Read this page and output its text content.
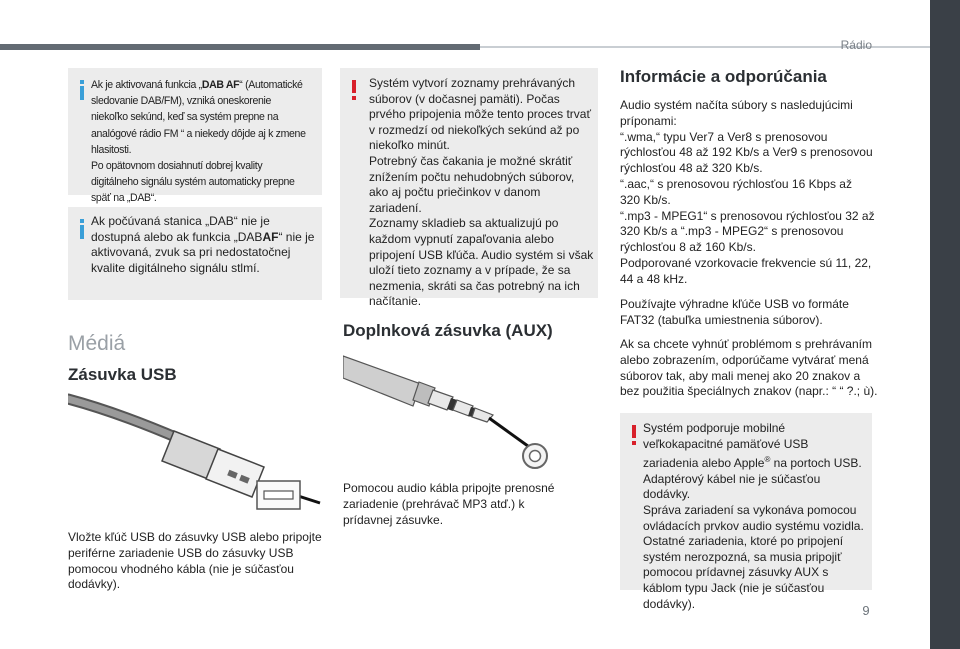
Rádio
9
Ak je aktivovaná funkcia „DAB AF“ (Automatické sledovanie DAB/FM), vzniká oneskorenie niekoľko sekúnd, keď sa systém prepne na analógové rádio FM “ a niekedy dôjde aj k zmene hlasitosti.
Po opätovnom dosiahnutí dobrej kvality digitálneho signálu systém automaticky prepne späť na „DAB“.
Ak počúvaná stanica „DAB“ nie je dostupná alebo ak funkcia „DABAF“ nie je aktivovaná, zvuk sa pri nedostatočnej kvalite digitálneho signálu stlmí.
Médiá
Zásuvka USB
Vložte kľúč USB do zásuvky USB alebo pripojte periférne zariadenie USB do zásuvky USB pomocou vhodného kábla (nie je súčasťou dodávky).
Systém vytvorí zoznamy prehrávaných súborov (v dočasnej pamäti). Počas prvého pripojenia môže tento proces trvať v rozmedzí od niekoľkých sekúnd až po niekoľko minút.
Potrebný čas čakania je možné skrátiť znížením počtu nehudobných súborov, ako aj počtu priečinkov v danom zariadení.
Zoznamy skladieb sa aktualizujú po každom vypnutí zapaľovania alebo pripojení USB kľúča. Audio systém si však uloží tieto zoznamy a v prípade, že sa nezmenia, skráti sa čas potrebný na ich načítanie.
Doplnková zásuvka (AUX)
Pomocou audio kábla pripojte prenosné zariadenie (prehrávač MP3 atď.) k prídavnej zásuvke.
Informácie a odporúčania
Audio systém načíta súbory s nasledujúcimi príponami:
“.wma,“ typu Ver7 a Ver8 s prenosovou rýchlosťou 48 až 192 Kb/s a Ver9 s prenosovou rýchlosťou 48 až 320 Kb/s.
“.aac,“ s prenosovou rýchlosťou 16 Kbps až 320 Kb/s.
“.mp3 - MPEG1“ s prenosovou rýchlosťou 32 až 320 Kb/s a “.mp3 - MPEG2“ s prenosovou rýchlosťou 8 až 160 Kb/s.
Podporované vzorkovacie frekvencie sú 11, 22, 44 a 48 kHz.
Používajte výhradne kľúče USB vo formáte FAT32 (tabuľka umiestnenia súborov).
Ak sa chcete vyhnúť problémom s prehrávaním alebo zobrazením, odporúčame vytvárať mená súborov tak, aby mali menej ako 20 znakov a bez použitia špeciálnych znakov (napr.: “ “ ?.; ù).
Systém podporuje mobilné veľkokapacitné pamäťové USB zariadenia alebo Apple® na portoch USB. Adaptérový kábel nie je súčasťou dodávky.
Správa zariadení sa vykonáva pomocou ovládacích prvkov audio systému vozidla.
Ostatné zariadenia, ktoré po pripojení systém nerozpozná, sa musia pripojiť pomocou prídavnej zásuvky AUX s káblom typu Jack (nie je súčasťou dodávky).
